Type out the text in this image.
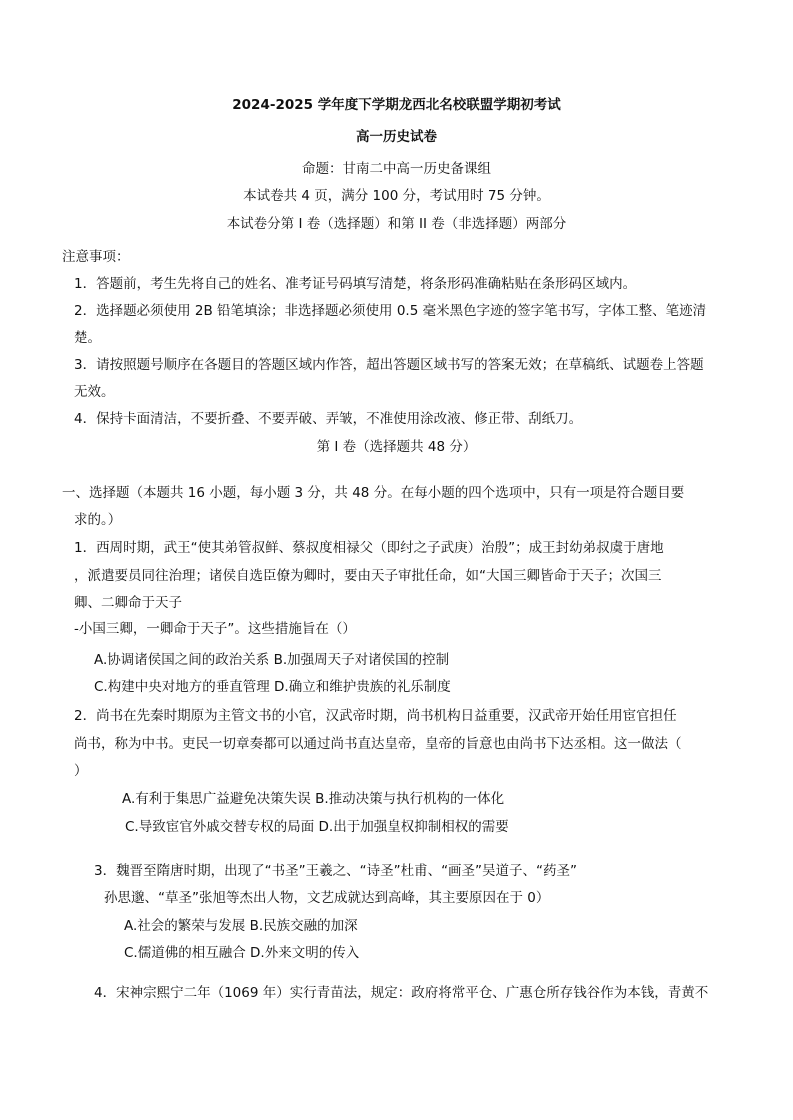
2024-2025 学年度下学期龙西北名校联盟学期初考试
高一历史试卷
命题：甘南二中高一历史备课组
本试卷共 4 页，满分 100 分，考试用时 75 分钟。
本试卷分第 I 卷（选择题）和第 II 卷（非选择题）两部分
注意事项：
1．答题前，考生先将自己的姓名、准考证号码填写清楚，将条形码准确粘贴在条形码区域内。
2．选择题必须使用 2B 铅笔填涂；非选择题必须使用 0.5 毫米黑色字迹的签字笔书写，字体工整、笔迹清
楚。
3．请按照题号顺序在各题目的答题区域内作答，超出答题区域书写的答案无效；在草稿纸、试题卷上答题
无效。
4．保持卡面清洁，不要折叠、不要弄破、弄皱，不准使用涂改液、修正带、刮纸刀。
第 I 卷（选择题共 48 分）
一、选择题（本题共 16 小题，每小题 3 分，共 48 分。在每小题的四个选项中，只有一项是符合题目要
求的。）
1．西周时期，武王“使其弟管叔鲜、蔡叔度相禄父（即纣之子武庚）治殷”；成王封幼弟叔虞于唐地
，派遣要员同往治理；诸侯自选臣僚为卿时，要由天子审批任命，如“大国三卿皆命于天子；次国三
卿、二卿命于天子
-小国三卿，一卿命于天子”。这些措施旨在（）
A.协调诸侯国之间的政治关系 B.加强周天子对诸侯国的控制
C.构建中央对地方的垂直管理 D.确立和维护贵族的礼乐制度
2．尚书在先秦时期原为主管文书的小官，汉武帝时期，尚书机构日益重要，汉武帝开始任用宦官担任
尚书，称为中书。吏民一切章奏都可以通过尚书直达皇帝，皇帝的旨意也由尚书下达丞相。这一做法（
）
A.有利于集思广益避免决策失误 B.推动决策与执行机构的一体化
C.导致宦官外戚交替专权的局面 D.出于加强皇权抑制相权的需要
3．魏晋至隋唐时期，出现了“书圣”王羲之、“诗圣”杜甫、“画圣”吴道子、“药圣”
孙思邈、“草圣”张旭等杰出人物，文艺成就达到高峰，其主要原因在于 0）
A.社会的繁荣与发展 B.民族交融的加深
C.儒道佛的相互融合 D.外来文明的传入
4．宋神宗熙宁二年（1069 年）实行青苗法，规定：政府将常平仓、广惠仓所存钱谷作为本钱，青黄不
